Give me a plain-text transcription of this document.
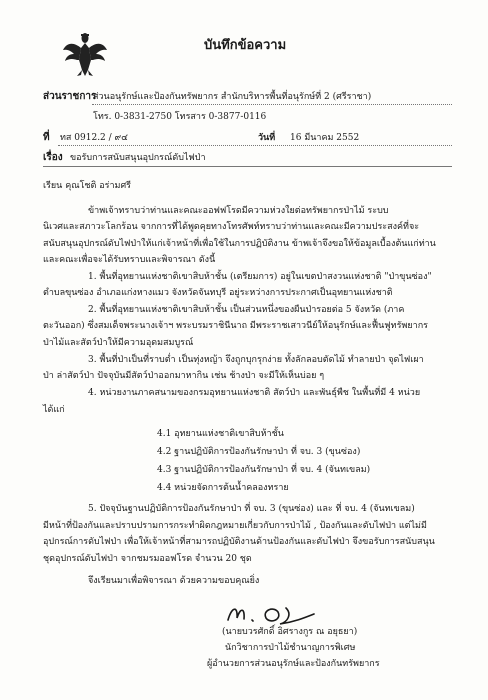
บันทึกข้อความ
ส่วนราชการ
ส่วนอนุรักษ์และป้องกันทรัพยากร สำนักบริหารพื้นที่อนุรักษ์ที่ 2 (ศรีราชา)
โทร. 0-3831-2750 โทรสาร 0-3877-0116
ที่ ทส 0912.2 / ๙๔	วันที่ 16 มีนาคม 2552
เรื่อง ขอรับการสนับสนุนอุปกรณ์ดับไฟป่า
เรียน คุณโชติ อร่ามศรี
ข้าพเจ้าทราบว่าท่านและคณะออฟฟโรดมีความห่วงใยต่อทรัพยากรป่าไม้ ระบบ
นิเวศและสภาวะโลกร้อน จากการที่ได้พูดคุยทางโทรศัพท์ทราบว่าท่านและคณะมีความประสงค์ที่จะ
สนับสนุนอุปกรณ์ดับไฟป่าให้แก่เจ้าหน้าที่เพื่อใช้ในการปฏิบัติงาน ข้าพเจ้าจึงขอให้ข้อมูลเบื้องต้นแก่ท่าน
และคณะเพื่อจะได้รับทราบและพิจารณา ดังนี้
1. พื้นที่อุทยานแห่งชาติเขาสิบห้าชั้น (เตรียมการ) อยู่ในเขตป่าสงวนแห่งชาติ "ป่าขุนซ่อง"
ตำบลขุนซ่อง อำเภอแก่งหางแมว จังหวัดจันทบุรี อยู่ระหว่างการประกาศเป็นอุทยานแห่งชาติ
2. พื้นที่อุทยานแห่งชาติเขาสิบห้าชั้น เป็นส่วนหนึ่งของผืนป่ารอยต่อ 5 จังหวัด (ภาค
ตะวันออก) ซึ่งสมเด็จพระนางเจ้าฯ พระบรมราชินีนาถ มีพระราชเสาวนีย์ให้อนุรักษ์และฟื้นฟูทรัพยากร
ป่าไม้และสัตว์ป่าให้มีความอุดมสมบูรณ์
3. พื้นที่ป่าเป็นที่ราบต่ำ เป็นทุ่งหญ้า จึงถูกบุกรุกง่าย ทั้งลักลอบตัดไม้ ทำลายป่า จุดไฟเผา
ป่า ล่าสัตว์ป่า ปัจจุบันมีสัตว์ป่าออกมาหากิน เช่น ช้างป่า จะมีให้เห็นบ่อย ๆ
4. หน่วยงานภาคสนามของกรมอุทยานแห่งชาติ สัตว์ป่า และพันธุ์พืช ในพื้นที่มี 4 หน่วย
ได้แก่
4.1 อุทยานแห่งชาติเขาสิบห้าชั้น
4.2 ฐานปฏิบัติการป้องกันรักษาป่า ที่ จบ. 3 (ขุนซ่อง)
4.3 ฐานปฏิบัติการป้องกันรักษาป่า ที่ จบ. 4 (จันทเขลม)
4.4 หน่วยจัดการต้นน้ำคลองทราย
5. ปัจจุบันฐานปฏิบัติการป้องกันรักษาป่า ที่ จบ. 3 (ขุนซ่อง) และ ที่ จบ. 4 (จันทเขลม)
มีหน้าที่ป้องกันและปราบปรามการกระทำผิดกฎหมายเกี่ยวกับการป่าไม้ , ป้องกันและดับไฟป่า แต่ไม่มี
อุปกรณ์การดับไฟป่า เพื่อให้เจ้าหน้าที่สามารถปฏิบัติงานด้านป้องกันและดับไฟป่า จึงขอรับการสนับสนุน
ชุดอุปกรณ์ดับไฟป่า จากชมรมออฟโรด จำนวน 20 ชุด
จึงเรียนมาเพื่อพิจารณา ด้วยความขอบคุณยิ่ง
(นายบวรศักดิ์ อิศรางกูร ณ อยุธยา)
นักวิชาการป่าไม้ชำนาญการพิเศษ
ผู้อำนวยการส่วนอนุรักษ์และป้องกันทรัพยากร
